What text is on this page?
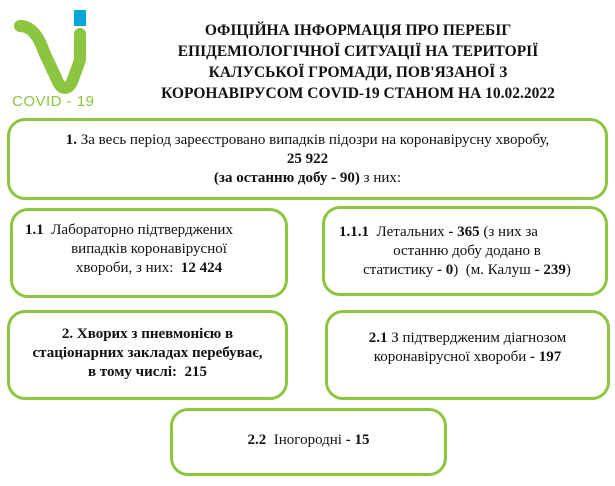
COVID - 19
ОФІЦІЙНА ІНФОРМАЦІЯ ПРО ПЕРЕБІГ
ЕПІДЕМІОЛОГІЧНОЇ СИТУАЦІЇ НА ТЕРИТОРІЇ
КАЛУСЬКОЇ ГРОМАДИ, ПОВ'ЯЗАНОЇ З
КОРОНАВІРУСОМ COVID-19 СТАНОМ НА 10.02.2022
1. За весь період зареєстровано випадків підозри на коронавірусну хворобу,
25 922
(за останню добу - 90) з них:
1.1  Лабораторно підтверджених
випадків коронавірусної
хвороби, з них:  12 424
1.1.1  Летальних - 365 (з них за
останню добу додано в
статистику - 0)  (м. Калуш - 239)
2. Хворих з пневмонією в
стаціонарних закладах перебуває,
в тому числі:  215
2.1 З підтвердженим діагнозом
коронавірусної хвороби - 197
2.2  Іногородні - 15
